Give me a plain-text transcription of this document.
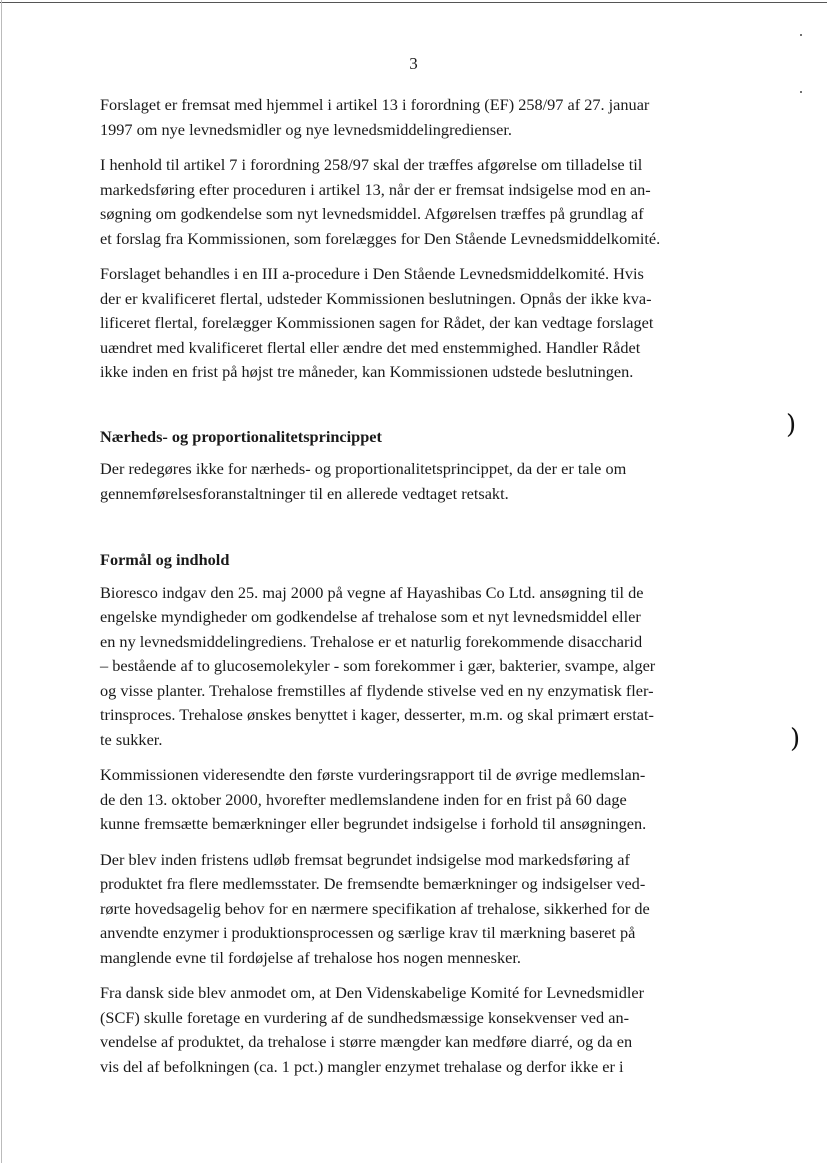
3

Forslaget er fremsat med hjemmel i artikel 13 i forordning (EF) 258/97 af 27. januar
1997 om nye levnedsmidler og nye levnedsmiddelingredienser.

I henhold til artikel 7 i forordning 258/97 skal der træffes afgørelse om tilladelse til
markedsføring efter proceduren i artikel 13, når der er fremsat indsigelse mod en an-
søgning om godkendelse som nyt levnedsmiddel. Afgørelsen træffes på grundlag af
et forslag fra Kommissionen, som forelægges for Den Stående Levnedsmiddelkomité.

Forslaget behandles i en III a-procedure i Den Stående Levnedsmiddelkomité. Hvis
der er kvalificeret flertal, udsteder Kommissionen beslutningen. Opnås der ikke kva-
lificeret flertal, forelægger Kommissionen sagen for Rådet, der kan vedtage forslaget
uændret med kvalificeret flertal eller ændre det med enstemmighed. Handler Rådet
ikke inden en frist på højst tre måneder, kan Kommissionen udstede beslutningen.

Nærheds- og proportionalitetsprincippet

Der redegøres ikke for nærheds- og proportionalitetsprincippet, da der er tale om
gennemførelsesforanstaltninger til en allerede vedtaget retsakt.

Formål og indhold

Bioresco indgav den 25. maj 2000 på vegne af Hayashibas Co Ltd. ansøgning til de
engelske myndigheder om godkendelse af trehalose som et nyt levnedsmiddel eller
en ny levnedsmiddelingrediens. Trehalose er et naturlig forekommende disaccharid
– bestående af to glucosemolekyler - som forekommer i gær, bakterier, svampe, alger
og visse planter. Trehalose fremstilles af flydende stivelse ved en ny enzymatisk fler-
trinsproces. Trehalose ønskes benyttet i kager, desserter, m.m. og skal primært erstat-
te sukker.

Kommissionen videresendte den første vurderingsrapport til de øvrige medlemslan-
de den 13. oktober 2000, hvorefter medlemslandene inden for en frist på 60 dage
kunne fremsætte bemærkninger eller begrundet indsigelse i forhold til ansøgningen.

Der blev inden fristens udløb fremsat begrundet indsigelse mod markedsføring af
produktet fra flere medlemsstater. De fremsendte bemærkninger og indsigelser ved-
rørte hovedsagelig behov for en nærmere specifikation af trehalose, sikkerhed for de
anvendte enzymer i produktionsprocessen og særlige krav til mærkning baseret på
manglende evne til fordøjelse af trehalose hos nogen mennesker.

Fra dansk side blev anmodet om, at Den Videnskabelige Komité for Levnedsmidler
(SCF) skulle foretage en vurdering af de sundhedsmæssige konsekvenser ved an-
vendelse af produktet, da trehalose i større mængder kan medføre diarré, og da en
vis del af befolkningen (ca. 1 pct.) mangler enzymet trehalase og derfor ikke er i

)
)
